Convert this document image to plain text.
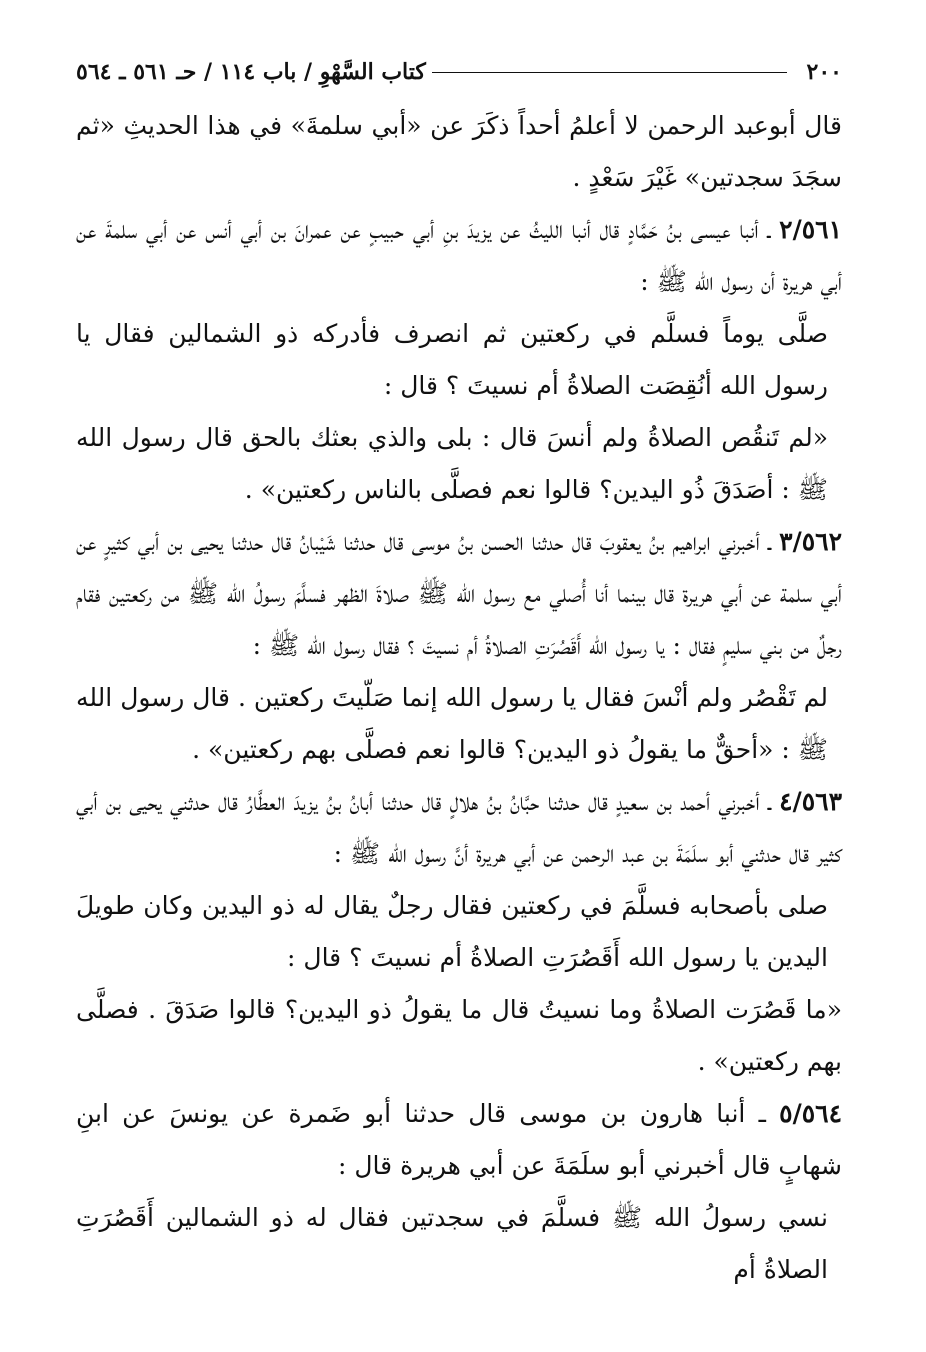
٢٠٠
كتاب السَّهْوِ / باب ١١٤ / حـ ٥٦١ ـ ٥٦٤

قال أبوعبد الرحمن لا أعلمُ أحداً ذكَرَ عن «أبي سلمةَ» في هذا الحديثِ «ثم سجَدَ سجدتين» غَيْرَ سَعْدٍ .

٢/٥٦١ ـ أنبا عيسى بنُ حَمَّادٍ قال أنبا الليثُ عن يزيدَ بنِ أبي حبيبٍ عن عمرانَ بن أبي أنس عن أبي سلمةَ عن أبي هريرة أن رسول الله ﷺ :

صلَّى يوماً فسلَّم في ركعتين ثم انصرف فأدركه ذو الشمالين فقال يا رسول الله أنُقِصَت الصلاةُ أم نسيتَ ؟ قال :

«لم تَنقُص الصلاةُ ولم أنسَ قال : بلى والذي بعثك بالحق قال رسول الله ﷺ : أصَدَقَ ذُو اليدين؟ قالوا نعم فصلَّى بالناس ركعتين» .

٣/٥٦٢ ـ أخبرني ابراهيم بنُ يعقوبَ قال حدثنا الحسن بنُ موسى قال حدثنا شَيْبانُ قال حدثنا يحيى بن أبي كثيرٍ عن أبي سلمة عن أبي هريرة قال بينما أنا أُصلي مع رسول الله ﷺ صلاةَ الظهر فسلَّمَ رسولُ الله ﷺ من ركعتين فقام رجلٌ من بني سليمٍ فقال : يا رسول الله أَقَصُرَتِ الصلاةُ أم نسيتَ ؟ فقال رسول الله ﷺ :

لم تَقْصُر ولم أنْسَ فقال يا رسول الله إنما صَلّيتَ ركعتين . قال رسول الله ﷺ : «أحقٌّ ما يقولُ ذو اليدين؟ قالوا نعم فصلَّى بهم ركعتين» .

٤/٥٦٣ ـ أخبرني أحمد بن سعيدٍ قال حدثنا حبَّانُ بنُ هلالٍ قال حدثنا أبانُ بنُ يزيدَ العطَّارُ قال حدثني يحيى بن أبي كثير قال حدثني أبو سلَمَةَ بن عبد الرحمن عن أبي هريرة أنَّ رسول الله ﷺ :

صلى بأصحابه فسلَّمَ في ركعتين فقال رجلٌ يقال له ذو اليدين وكان طويلَ اليدين يا رسول الله أَقَصُرَتِ الصلاةُ أم نسيتَ ؟ قال :

«ما قَصُرَت الصلاةُ وما نسيتُ قال ما يقولُ ذو اليدين؟ قالوا صَدَقَ . فصلَّى بهم ركعتين» .

٥/٥٦٤ ـ أنبا هارون بن موسى قال حدثنا أبو ضَمرة عن يونسَ عن ابنِ شهابٍ قال أخبرني أبو سلَمَةَ عن أبي هريرة قال :

نسي رسولُ الله ﷺ فسلَّمَ في سجدتين فقال له ذو الشمالين أَقَصُرَتِ الصلاةُ أم
